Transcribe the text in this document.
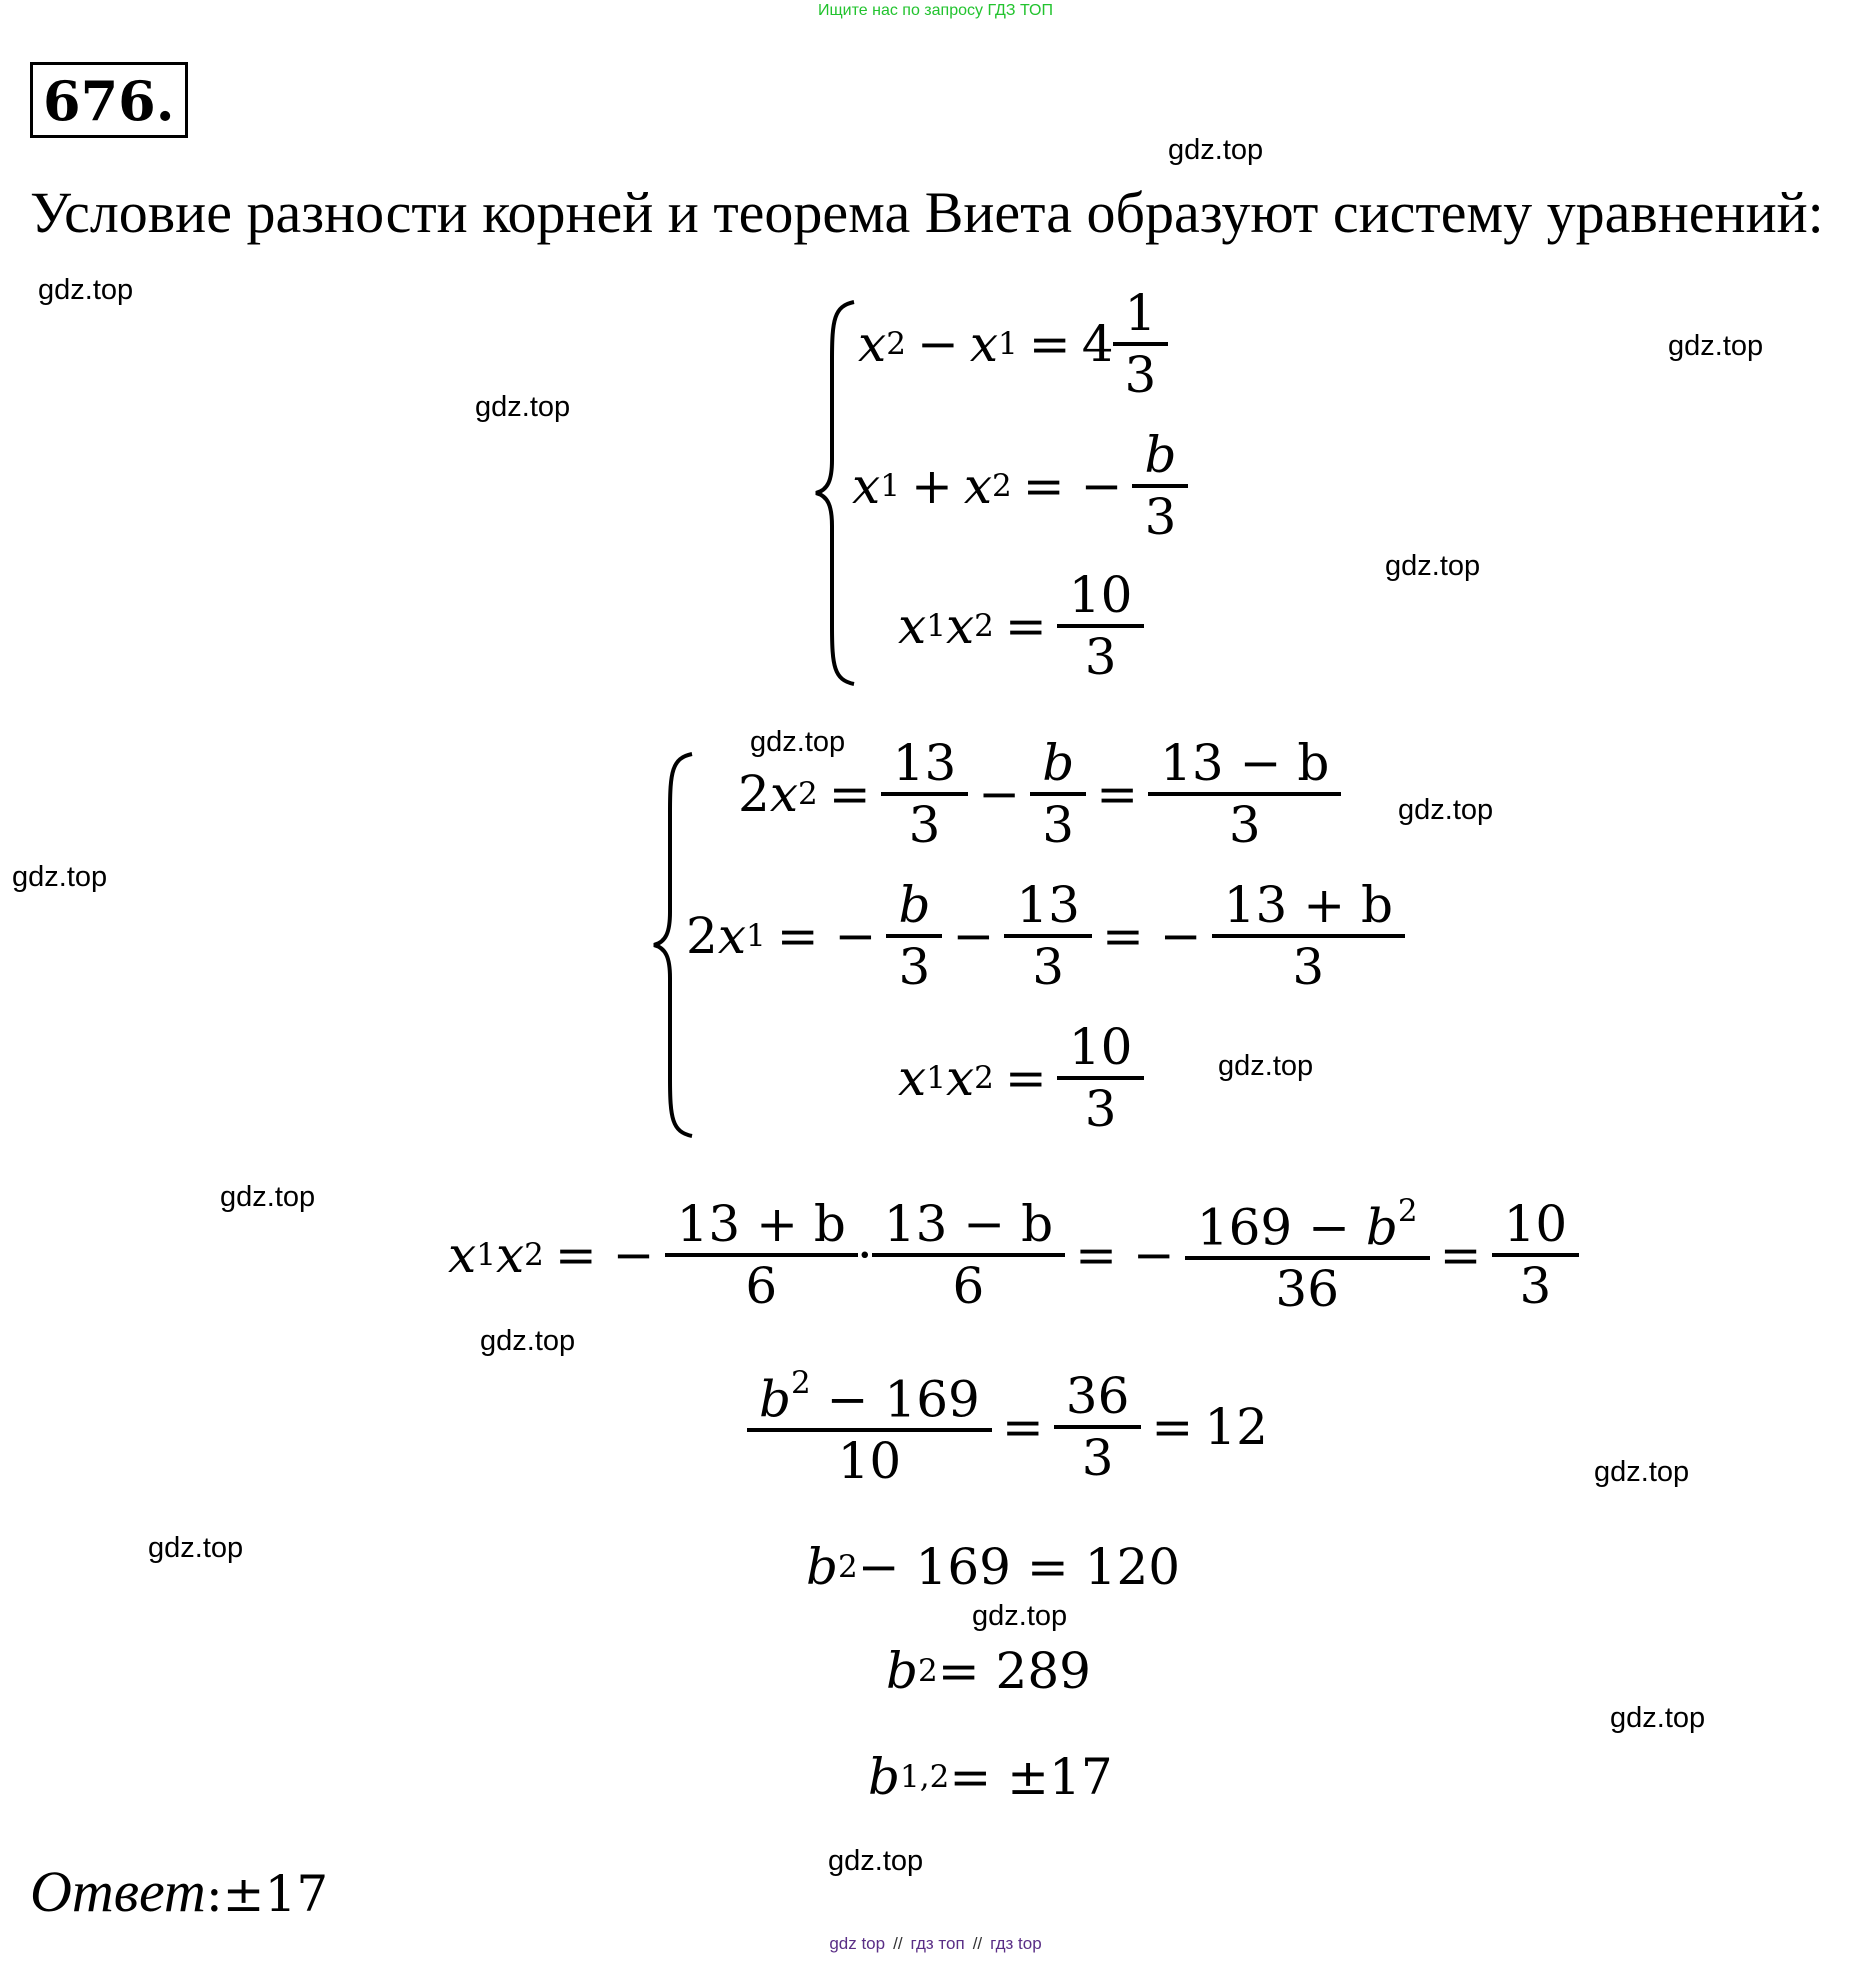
Ищите нас по запросу ГДЗ ТОП
676.
Условие разности корней и теорема Виета образуют систему уравнений:
gdz.top
gdz.top
gdz.top
gdz.top
gdz.top
gdz.top
gdz.top
gdz.top
gdz.top
gdz.top
gdz.top
gdz.top
gdz.top
gdz.top
gdz.top
gdz.top
x 2 − x $1 = 4 \frac{1}{3}$
x 1 + x 2 = − $\frac{b}{3}$
x 1 x $2 = \frac{10}{3}$
2 x $2 = \frac{13}{3} - \frac{b}{3} = \frac{13 - b}{3}$
2 x 1 = − $\frac{b}{3} - \frac{13}{3}$ = − $\frac{13 + b}{3}$
x 1 x $2 = \frac{10}{3}$
x 1 x 2 = − $\frac{13 + b}{6} \cdot \frac{13 - b}{6}$ = − $\frac{169 - b^2}{36} = \frac{10}{3}$
$\frac{b^2 - 169}{10} = \frac{36}{3} = 12$
b 2 − 169 = 120
b 2 = 289
b 1,2 = ±17
Ответ : ±17
gdz top // гдз топ // гдз top
